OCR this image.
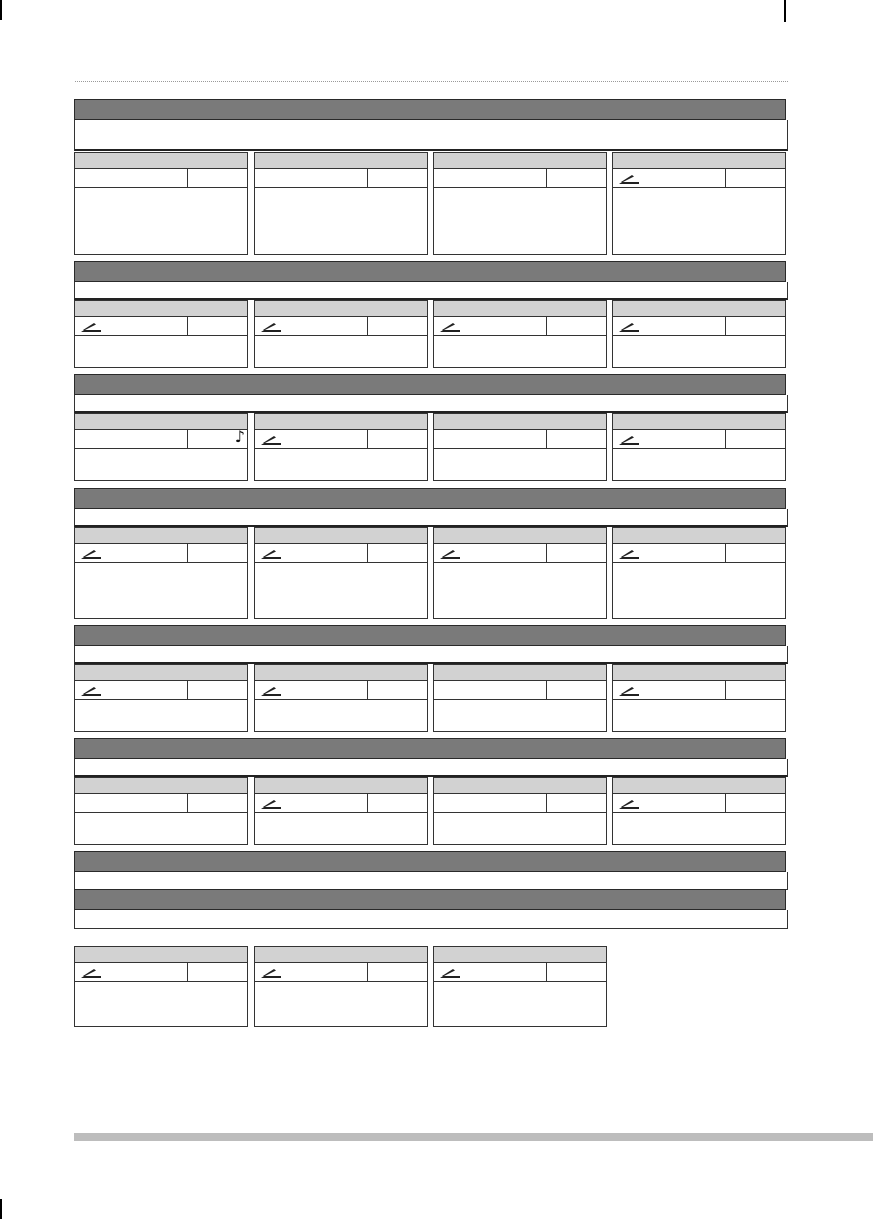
♪
